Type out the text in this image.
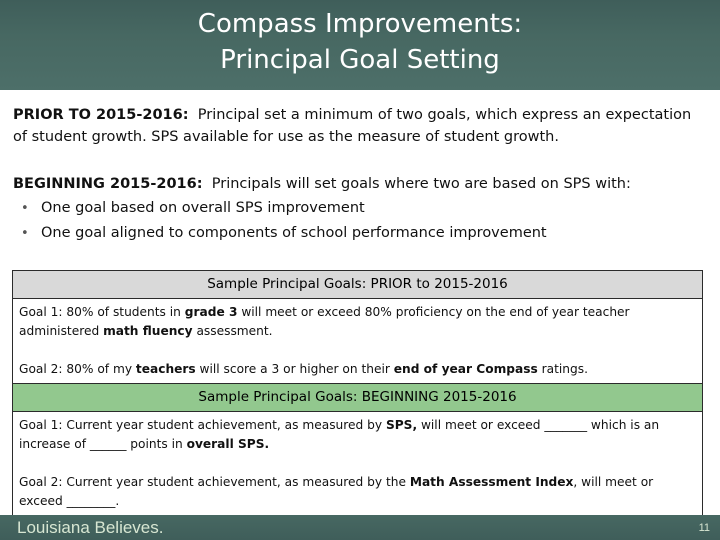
Compass Improvements:
Principal Goal Setting
PRIOR TO 2015-2016: Principal set a minimum of two goals, which express an expectation of student growth. SPS available for use as the measure of student growth.
BEGINNING 2015-2016: Principals will set goals where two are based on SPS with:
• One goal based on overall SPS improvement
• One goal aligned to components of school performance improvement
Sample Principal Goals: PRIOR to 2015-2016
Goal 1: 80% of students in grade 3 will meet or exceed 80% proficiency on the end of year teacher administered math fluency assessment.
Goal 2: 80% of my teachers will score a 3 or higher on their end of year Compass ratings.
Sample Principal Goals: BEGINNING 2015-2016
Goal 1: Current year student achievement, as measured by SPS, will meet or exceed _______ which is an increase of ______ points in overall SPS.
Goal 2: Current year student achievement, as measured by the Math Assessment Index, will meet or exceed ________.
Louisiana Believes.	11
